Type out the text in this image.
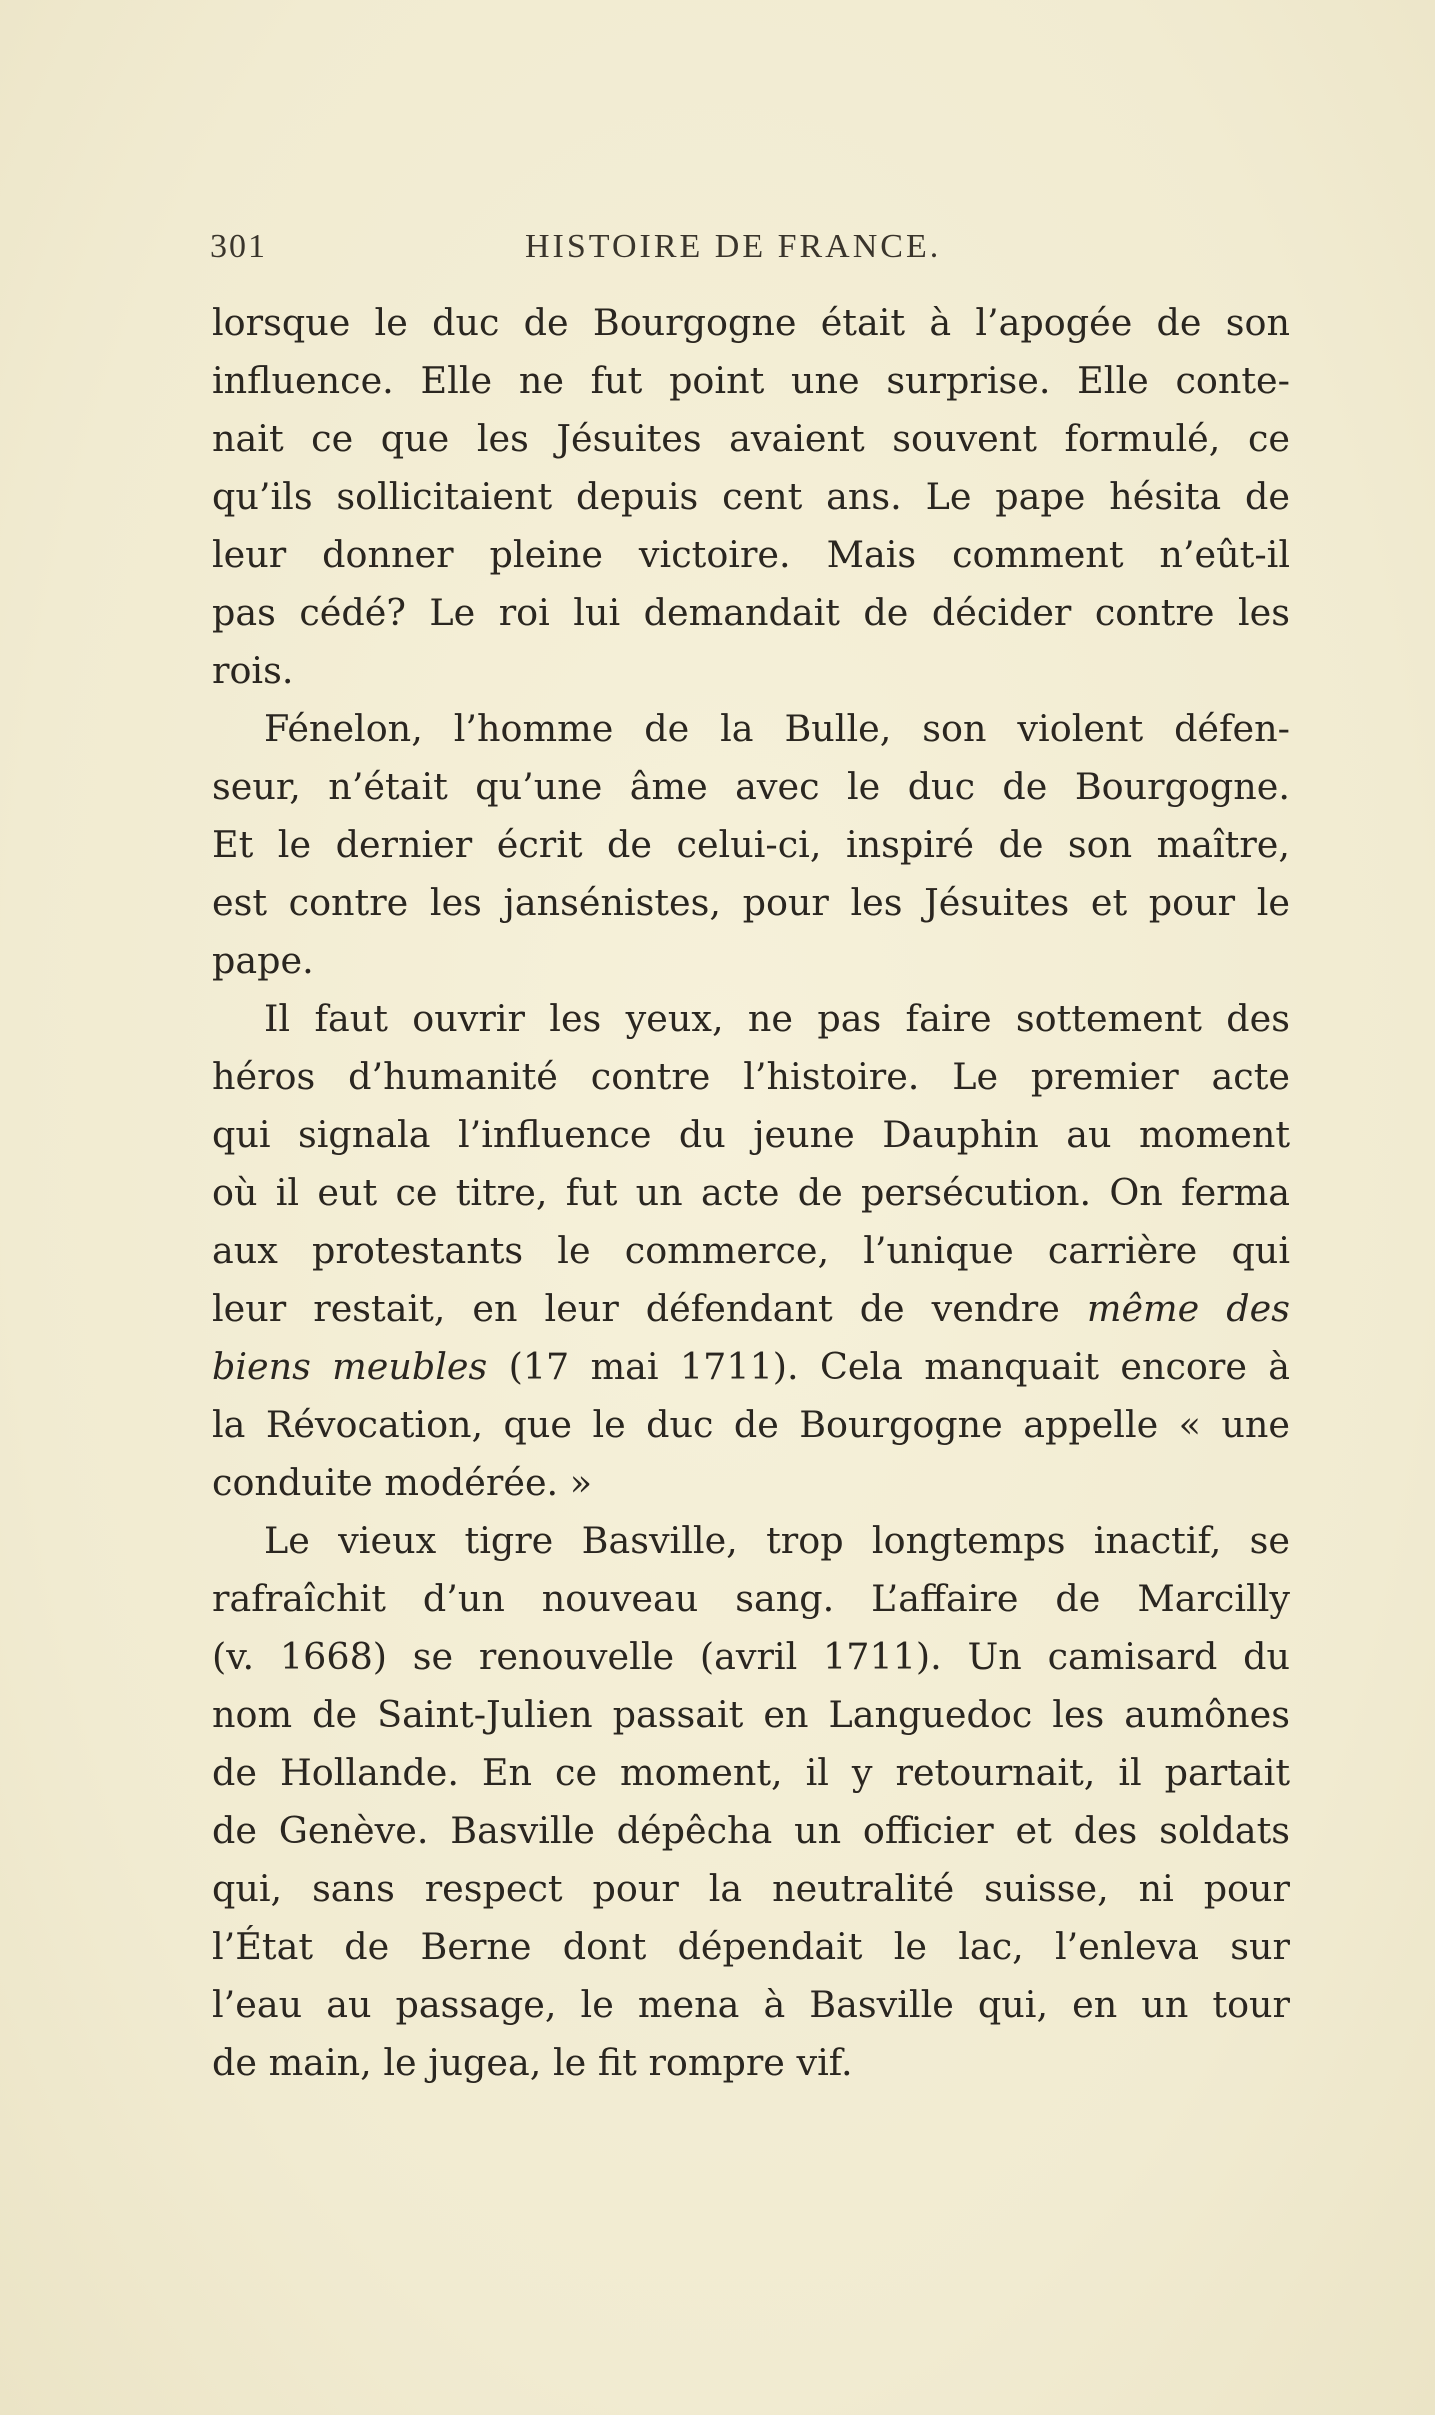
301	HISTOIRE DE FRANCE.
lorsque le duc de Bourgogne était à l’apogée de son
influence. Elle ne fut point une surprise. Elle conte-
nait ce que les Jésuites avaient souvent formulé, ce
qu’ils sollicitaient depuis cent ans. Le pape hésita de
leur donner pleine victoire. Mais comment n’eût-il
pas cédé? Le roi lui demandait de décider contre les
rois.
Fénelon, l’homme de la Bulle, son violent défen-
seur, n’était qu’une âme avec le duc de Bourgogne.
Et le dernier écrit de celui-ci, inspiré de son maître,
est contre les jansénistes, pour les Jésuites et pour le
pape.
Il faut ouvrir les yeux, ne pas faire sottement des
héros d’humanité contre l’histoire. Le premier acte
qui signala l’influence du jeune Dauphin au moment
où il eut ce titre, fut un acte de persécution. On ferma
aux protestants le commerce, l’unique carrière qui
leur restait, en leur défendant de vendre même des
biens meubles (17 mai 1711). Cela manquait encore à
la Révocation, que le duc de Bourgogne appelle « une
conduite modérée. »
Le vieux tigre Basville, trop longtemps inactif, se
rafraîchit d’un nouveau sang. L’affaire de Marcilly
(v. 1668) se renouvelle (avril 1711). Un camisard du
nom de Saint-Julien passait en Languedoc les aumônes
de Hollande. En ce moment, il y retournait, il partait
de Genève. Basville dépêcha un officier et des soldats
qui, sans respect pour la neutralité suisse, ni pour
l’État de Berne dont dépendait le lac, l’enleva sur
l’eau au passage, le mena à Basville qui, en un tour
de main, le jugea, le fit rompre vif.
